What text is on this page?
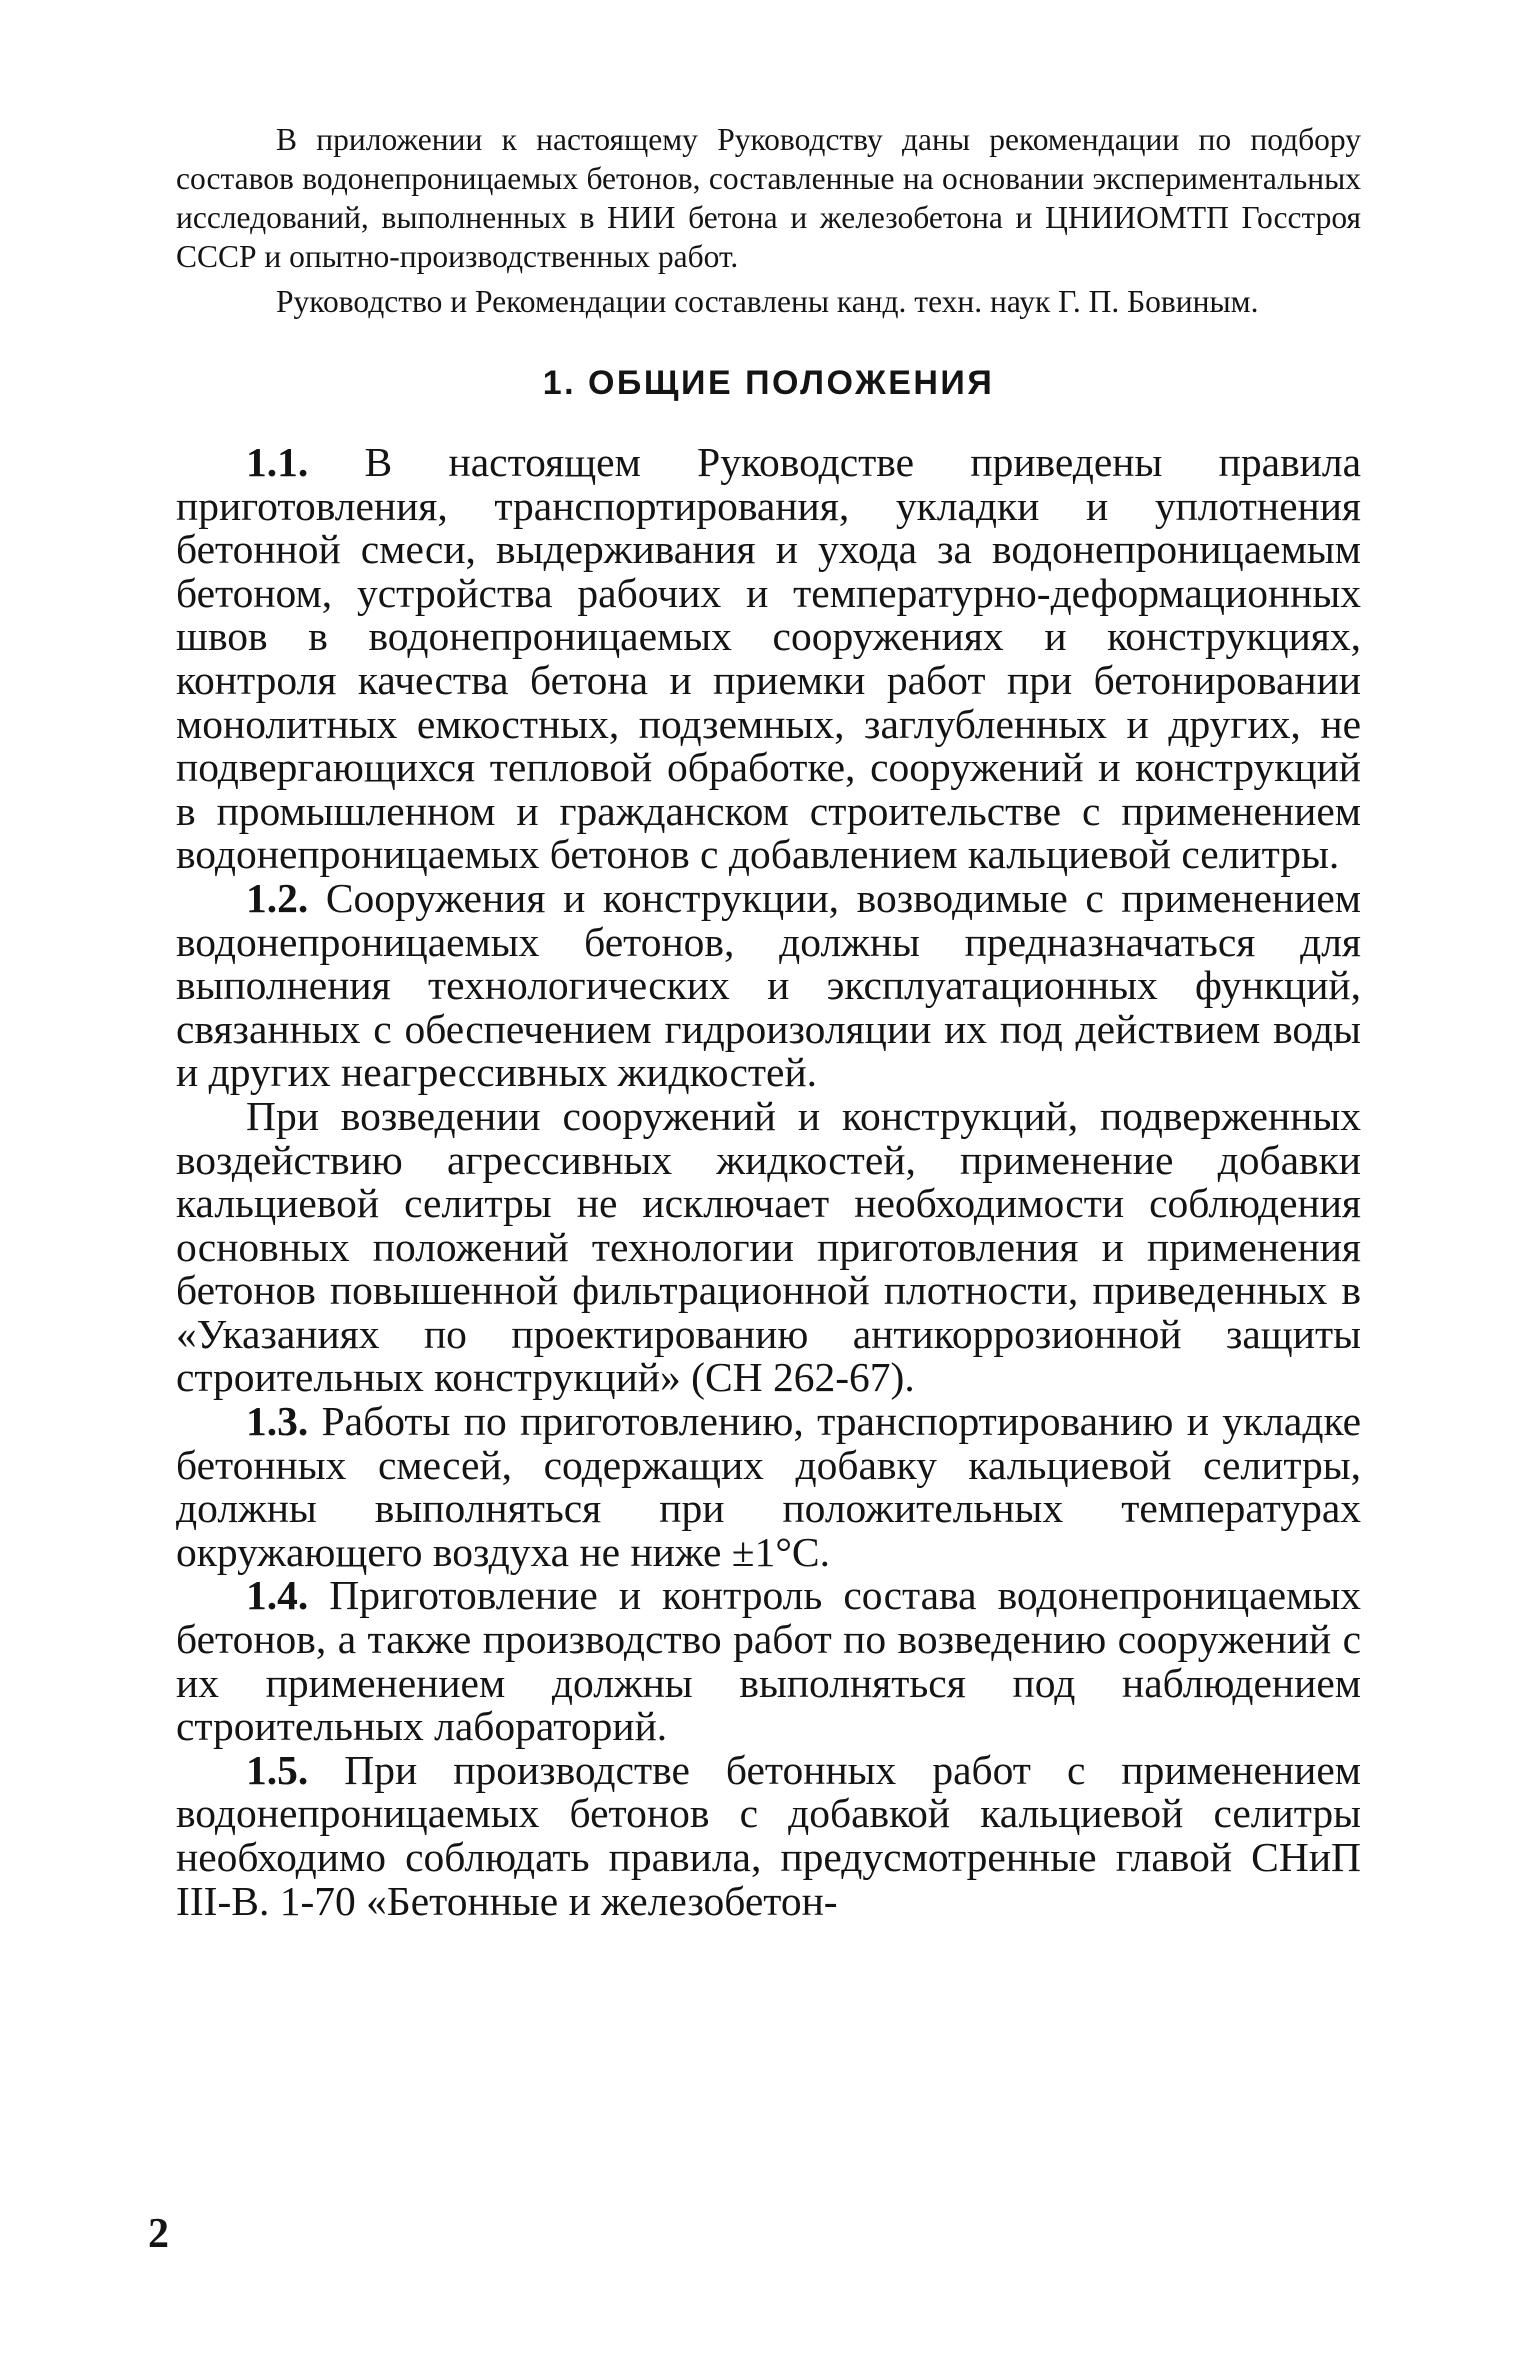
В приложении к настоящему Руководству даны рекомендации по подбору составов водонепроницаемых бетонов, составленные на основании экспериментальных исследований, выполненных в НИИ бетона и железобетона и ЦНИИОМТП Госстроя СССР и опытно-производственных работ.

Руководство и Рекомендации составлены канд. техн. наук Г. П. Бовиным.

1. ОБЩИЕ ПОЛОЖЕНИЯ

1.1. В настоящем Руководстве приведены правила приготовления, транспортирования, укладки и уплотнения бетонной смеси, выдерживания и ухода за водонепроницаемым бетоном, устройства рабочих и температурно-деформационных швов в водонепроницаемых сооружениях и конструкциях, контроля качества бетона и приемки работ при бетонировании монолитных емкостных, подземных, заглубленных и других, не подвергающихся тепловой обработке, сооружений и конструкций в промышленном и гражданском строительстве с применением водонепроницаемых бетонов с добавлением кальциевой селитры.

1.2. Сооружения и конструкции, возводимые с применением водонепроницаемых бетонов, должны предназначаться для выполнения технологических и эксплуатационных функций, связанных с обеспечением гидроизоляции их под действием воды и других неагрессивных жидкостей.

При возведении сооружений и конструкций, подверженных воздействию агрессивных жидкостей, применение добавки кальциевой селитры не исключает необходимости соблюдения основных положений технологии приготовления и применения бетонов повышенной фильтрационной плотности, приведенных в «Указаниях по проектированию антикоррозионной защиты строительных конструкций» (СН 262-67).

1.3. Работы по приготовлению, транспортированию и укладке бетонных смесей, содержащих добавку кальциевой селитры, должны выполняться при положительных температурах окружающего воздуха не ниже ±1°С.

1.4. Приготовление и контроль состава водонепроницаемых бетонов, а также производство работ по возведению сооружений с их применением должны выполняться под наблюдением строительных лабораторий.

1.5. При производстве бетонных работ с применением водонепроницаемых бетонов с добавкой кальциевой селитры необходимо соблюдать правила, предусмотренные главой СНиП III-В. 1-70 «Бетонные и железобетон-

2
